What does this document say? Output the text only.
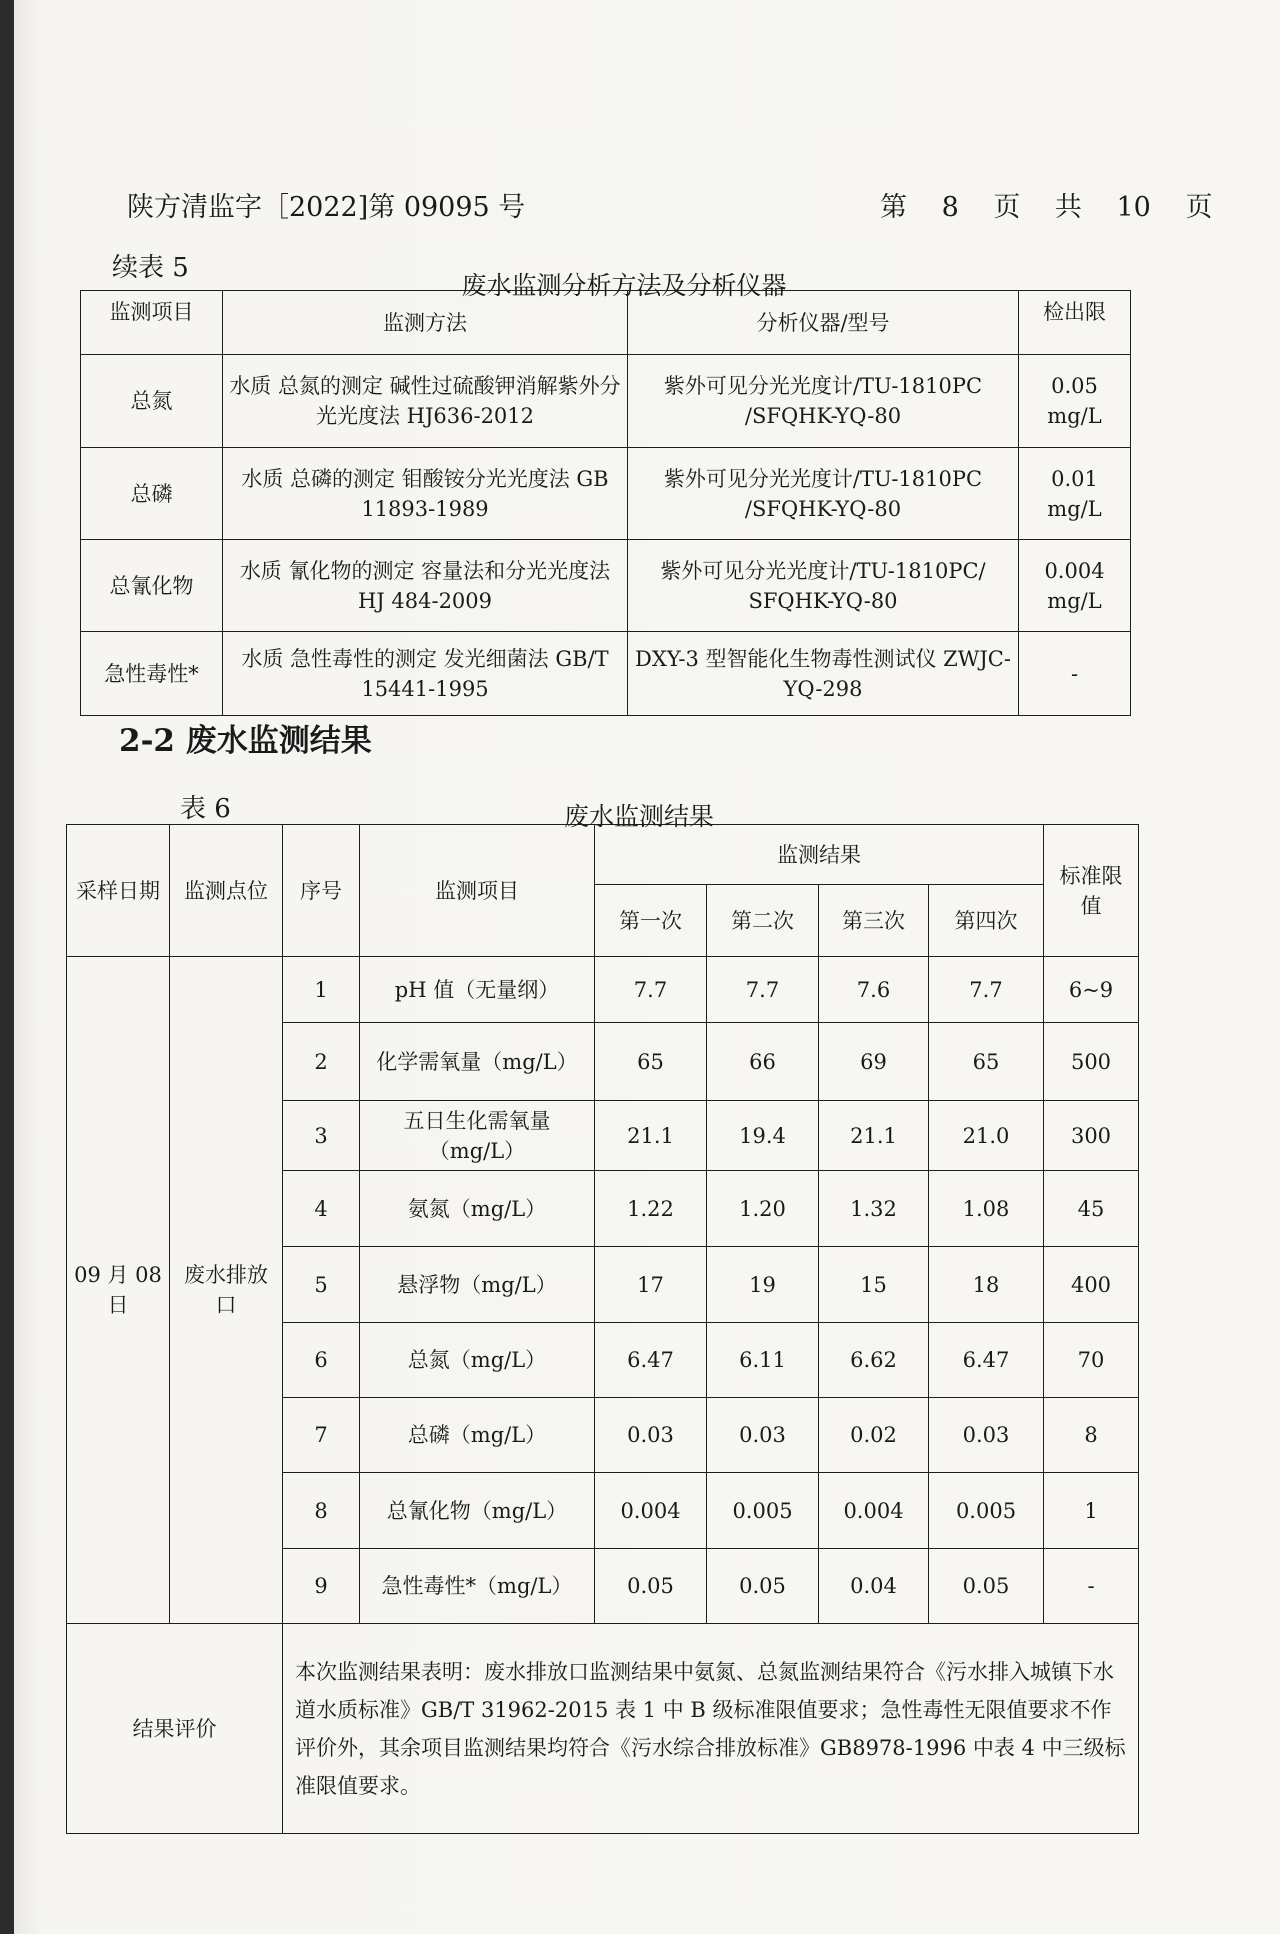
陕方清监字［2022]第 09095 号	第 8 页 共 10 页
续表 5
废水监测分析方法及分析仪器
监测项目	监测方法	分析仪器/型号	检出限
总氮	水质 总氮的测定 碱性过硫酸钾消解紫外分光光度法 HJ636-2012	紫外可见分光光度计/TU-1810PC /SFQHK-YQ-80	0.05 mg/L
总磷	水质 总磷的测定 钼酸铵分光光度法 GB 11893-1989	紫外可见分光光度计/TU-1810PC /SFQHK-YQ-80	0.01 mg/L
总氰化物	水质 氰化物的测定 容量法和分光光度法 HJ 484-2009	紫外可见分光光度计/TU-1810PC/ SFQHK-YQ-80	0.004 mg/L
急性毒性*	水质 急性毒性的测定 发光细菌法 GB/T 15441-1995	DXY-3 型智能化生物毒性测试仪 ZWJC-YQ-298	-
2-2 废水监测结果
表 6	废水监测结果
采样日期	监测点位	序号	监测项目	监测结果				标准限值
				第一次	第二次	第三次	第四次	
09 月 08 日	废水排放口	1	pH 值（无量纲）	7.7	7.7	7.6	7.7	6~9
		2	化学需氧量（mg/L）	65	66	69	65	500
		3	五日生化需氧量（mg/L）	21.1	19.4	21.1	21.0	300
		4	氨氮（mg/L）	1.22	1.20	1.32	1.08	45
		5	悬浮物（mg/L）	17	19	15	18	400
		6	总氮（mg/L）	6.47	6.11	6.62	6.47	70
		7	总磷（mg/L）	0.03	0.03	0.02	0.03	8
		8	总氰化物（mg/L）	0.004	0.005	0.004	0.005	1
		9	急性毒性*（mg/L）	0.05	0.05	0.04	0.05	-
结果评价		本次监测结果表明：废水排放口监测结果中氨氮、总氮监测结果符合《污水排入城镇下水道水质标准》GB/T 31962-2015 表 1 中 B 级标准限值要求；急性毒性无限值要求不作评价外，其余项目监测结果均符合《污水综合排放标准》GB8978-1996 中表 4 中三级标准限值要求。						
